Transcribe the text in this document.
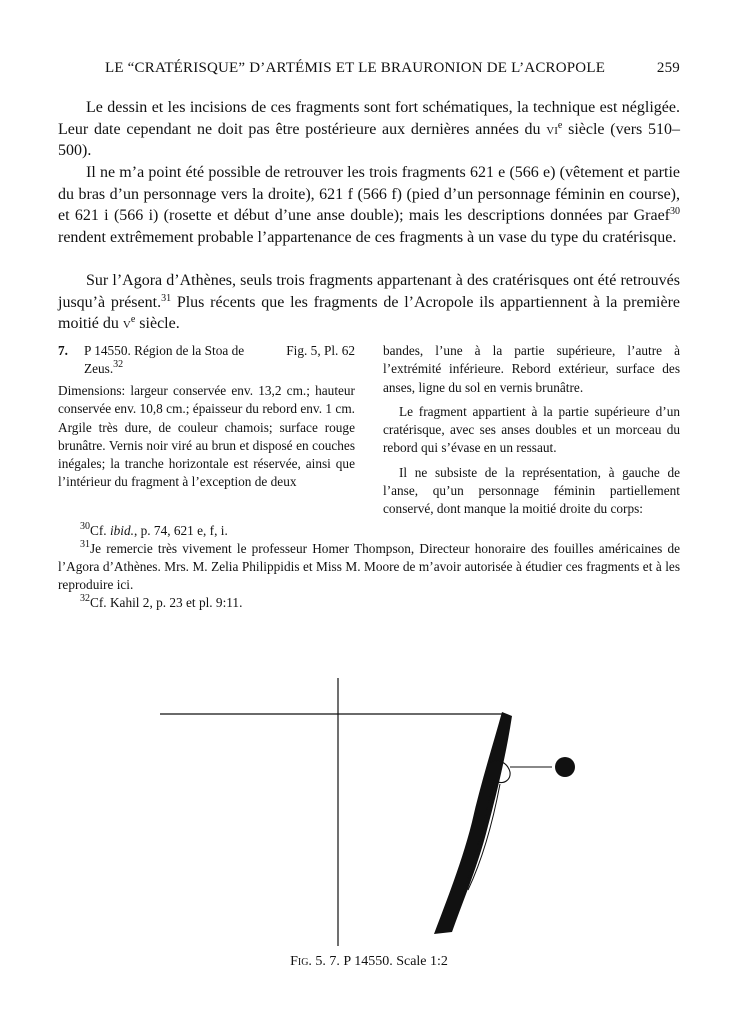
LE “CRATÉRISQUE” D’ARTÉMIS ET LE BRAURONION DE L’ACROPOLE	259

Le dessin et les incisions de ces fragments sont fort schématiques, la technique est négligée. Leur date cependant ne doit pas être postérieure aux dernières années du $vi^e$ siècle (vers 510–500).

Il ne m’a point été possible de retrouver les trois fragments 621 e (566 e) (vêtement et partie du bras d’un personnage vers la droite), 621 f (566 f) (pied d’un personnage féminin en course), et 621 i (566 i) (rosette et début d’une anse double); mais les descriptions données par Graef$^{30}$ rendent extrêmement probable l’appartenance de ces fragments à un vase du type du cratérisque.

Sur l’Agora d’Athènes, seuls trois fragments appartenant à des cratérisques ont été retrouvés jusqu’à présent.$^{31}$ Plus récents que les fragments de l’Acropole ils appartiennent à la première moitié du $v^e$ siècle.

7. P 14550. Région de la Stoa de Zeus.$^{32}$
Fig. 5, Pl. 62

Dimensions: largeur conservée env. 13,2 cm.; hauteur conservée env. 10,8 cm.; épaisseur du rebord env. 1 cm. Argile très dure, de couleur chamois; surface rouge brunâtre. Vernis noir viré au brun et disposé en couches inégales; la tranche horizontale est réservée, ainsi que l’intérieur du fragment à l’exception de deux

bandes, l’une à la partie supérieure, l’autre à l’extrémité inférieure. Rebord extérieur, surface des anses, ligne du sol en vernis brunâtre.

Le fragment appartient à la partie supérieure d’un cratérisque, avec ses anses doubles et un morceau du rebord qui s’évase en un ressaut.

Il ne subsiste de la représentation, à gauche de l’anse, qu’un personnage féminin partiellement conservé, dont manque la moitié droite du corps:

$^{30}$Cf. ibid., p. 74, 621 e, f, i.

$^{31}$Je remercie très vivement le professeur Homer Thompson, Directeur honoraire des fouilles américaines de l’Agora d’Athènes. Mrs. M. Zelia Philippidis et Miss M. Moore de m’avoir autorisée à étudier ces fragments et à les reproduire ici.

$^{32}$Cf. Kahil 2, p. 23 et pl. 9:11.

Fig. 5. 7. P 14550. Scale 1:2
